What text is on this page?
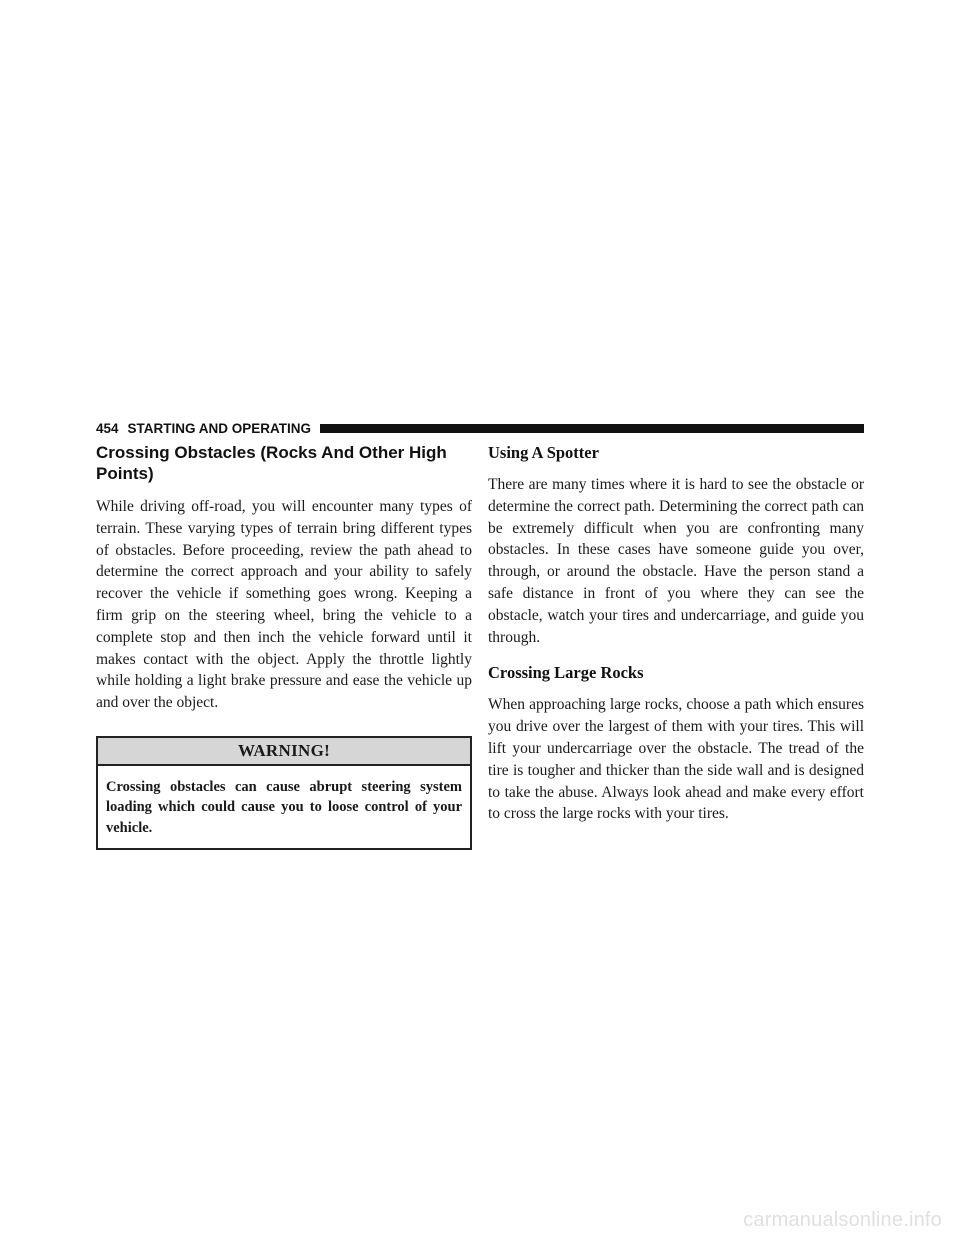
454 STARTING AND OPERATING
Crossing Obstacles (Rocks And Other High Points)

While driving off-road, you will encounter many types of terrain. These varying types of terrain bring different types of obstacles. Before proceeding, review the path ahead to determine the correct approach and your ability to safely recover the vehicle if something goes wrong. Keeping a firm grip on the steering wheel, bring the vehicle to a complete stop and then inch the vehicle forward until it makes contact with the object. Apply the throttle lightly while holding a light brake pressure and ease the vehicle up and over the object.

WARNING!
Crossing obstacles can cause abrupt steering system loading which could cause you to loose control of your vehicle.
Using A Spotter

There are many times where it is hard to see the obstacle or determine the correct path. Determining the correct path can be extremely difficult when you are confronting many obstacles. In these cases have someone guide you over, through, or around the obstacle. Have the person stand a safe distance in front of you where they can see the obstacle, watch your tires and undercarriage, and guide you through.

Crossing Large Rocks

When approaching large rocks, choose a path which ensures you drive over the largest of them with your tires. This will lift your undercarriage over the obstacle. The tread of the tire is tougher and thicker than the side wall and is designed to take the abuse. Always look ahead and make every effort to cross the large rocks with your tires.

carmanualsonline.info
